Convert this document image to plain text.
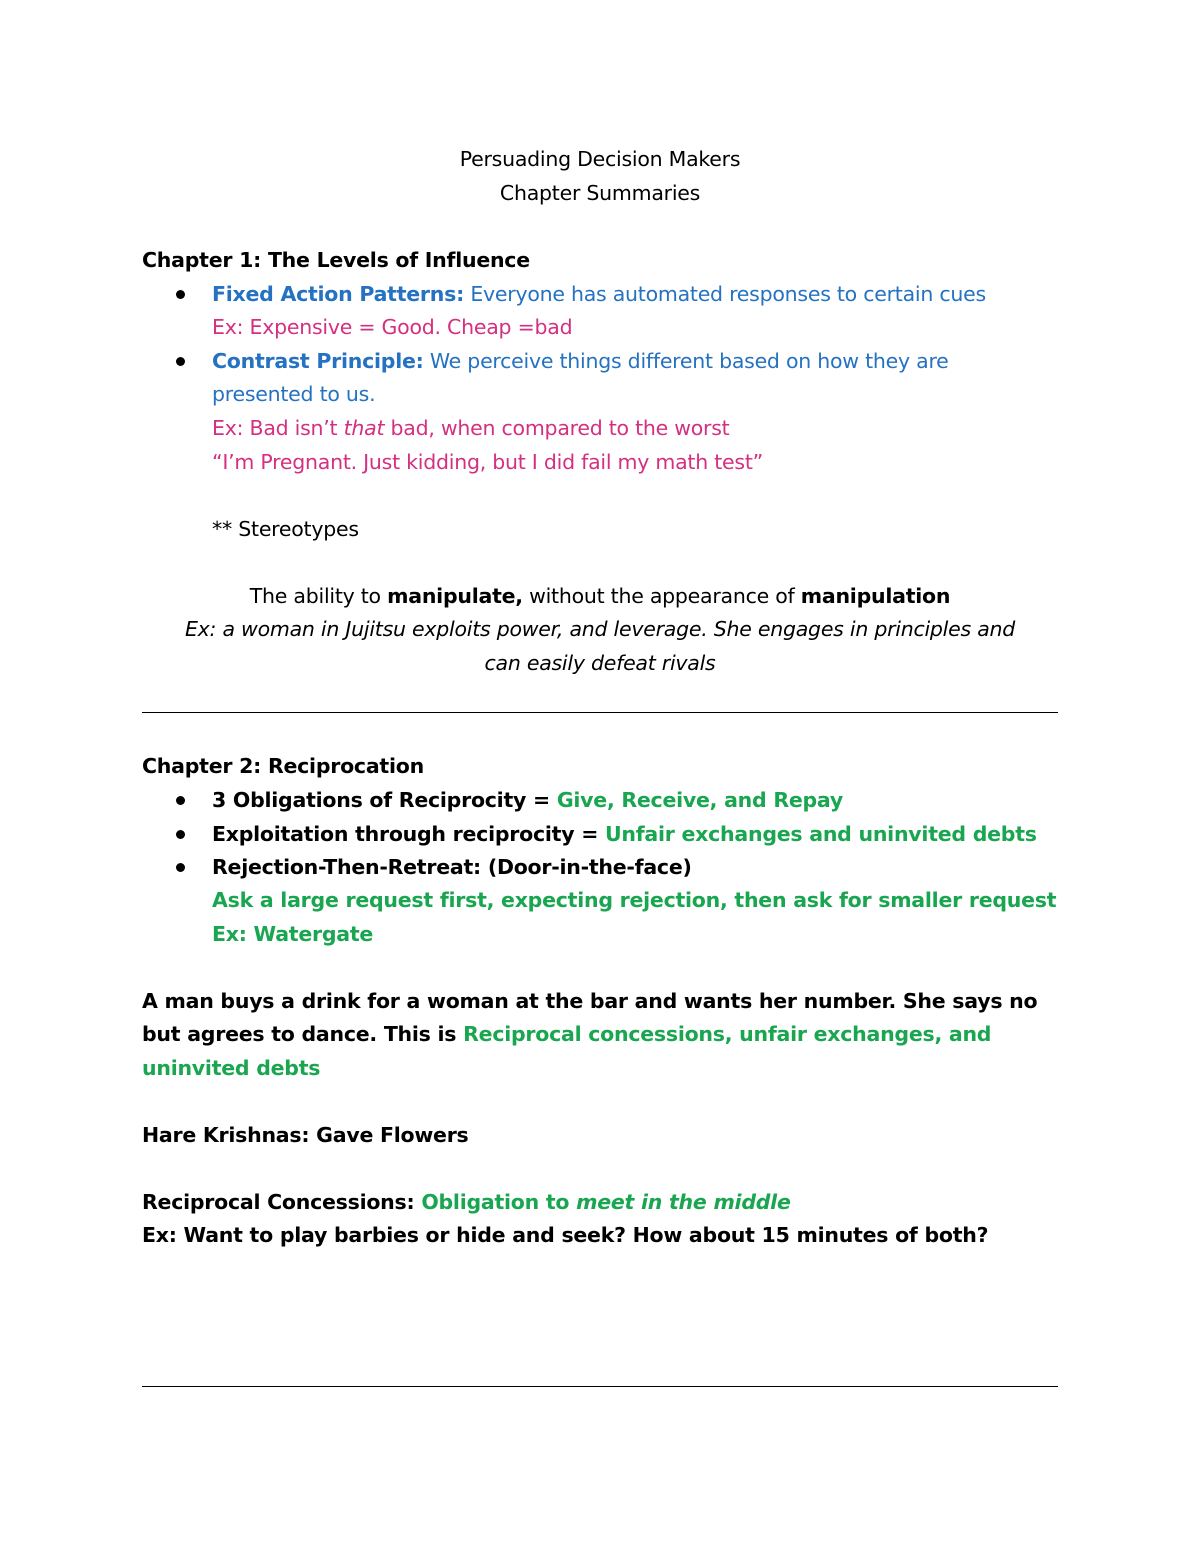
Persuading Decision Makers
Chapter Summaries
Chapter 1: The Levels of Influence
Fixed Action Patterns: Everyone has automated responses to certain cues
Ex: Expensive = Good. Cheap =bad
Contrast Principle: We perceive things different based on how they are
presented to us.
Ex: Bad isn’t that bad, when compared to the worst
“I’m Pregnant. Just kidding, but I did fail my math test”
** Stereotypes
The ability to manipulate, without the appearance of manipulation
Ex: a woman in Jujitsu exploits power, and leverage. She engages in principles and
can easily defeat rivals
Chapter 2: Reciprocation
3 Obligations of Reciprocity = Give, Receive, and Repay
Exploitation through reciprocity = Unfair exchanges and uninvited debts
Rejection-Then-Retreat: (Door-in-the-face)
Ask a large request first, expecting rejection, then ask for smaller request
Ex: Watergate
A man buys a drink for a woman at the bar and wants her number. She says no
but agrees to dance. This is Reciprocal concessions, unfair exchanges, and
uninvited debts
Hare Krishnas: Gave Flowers
Reciprocal Concessions: Obligation to meet in the middle
Ex: Want to play barbies or hide and seek? How about 15 minutes of both?
